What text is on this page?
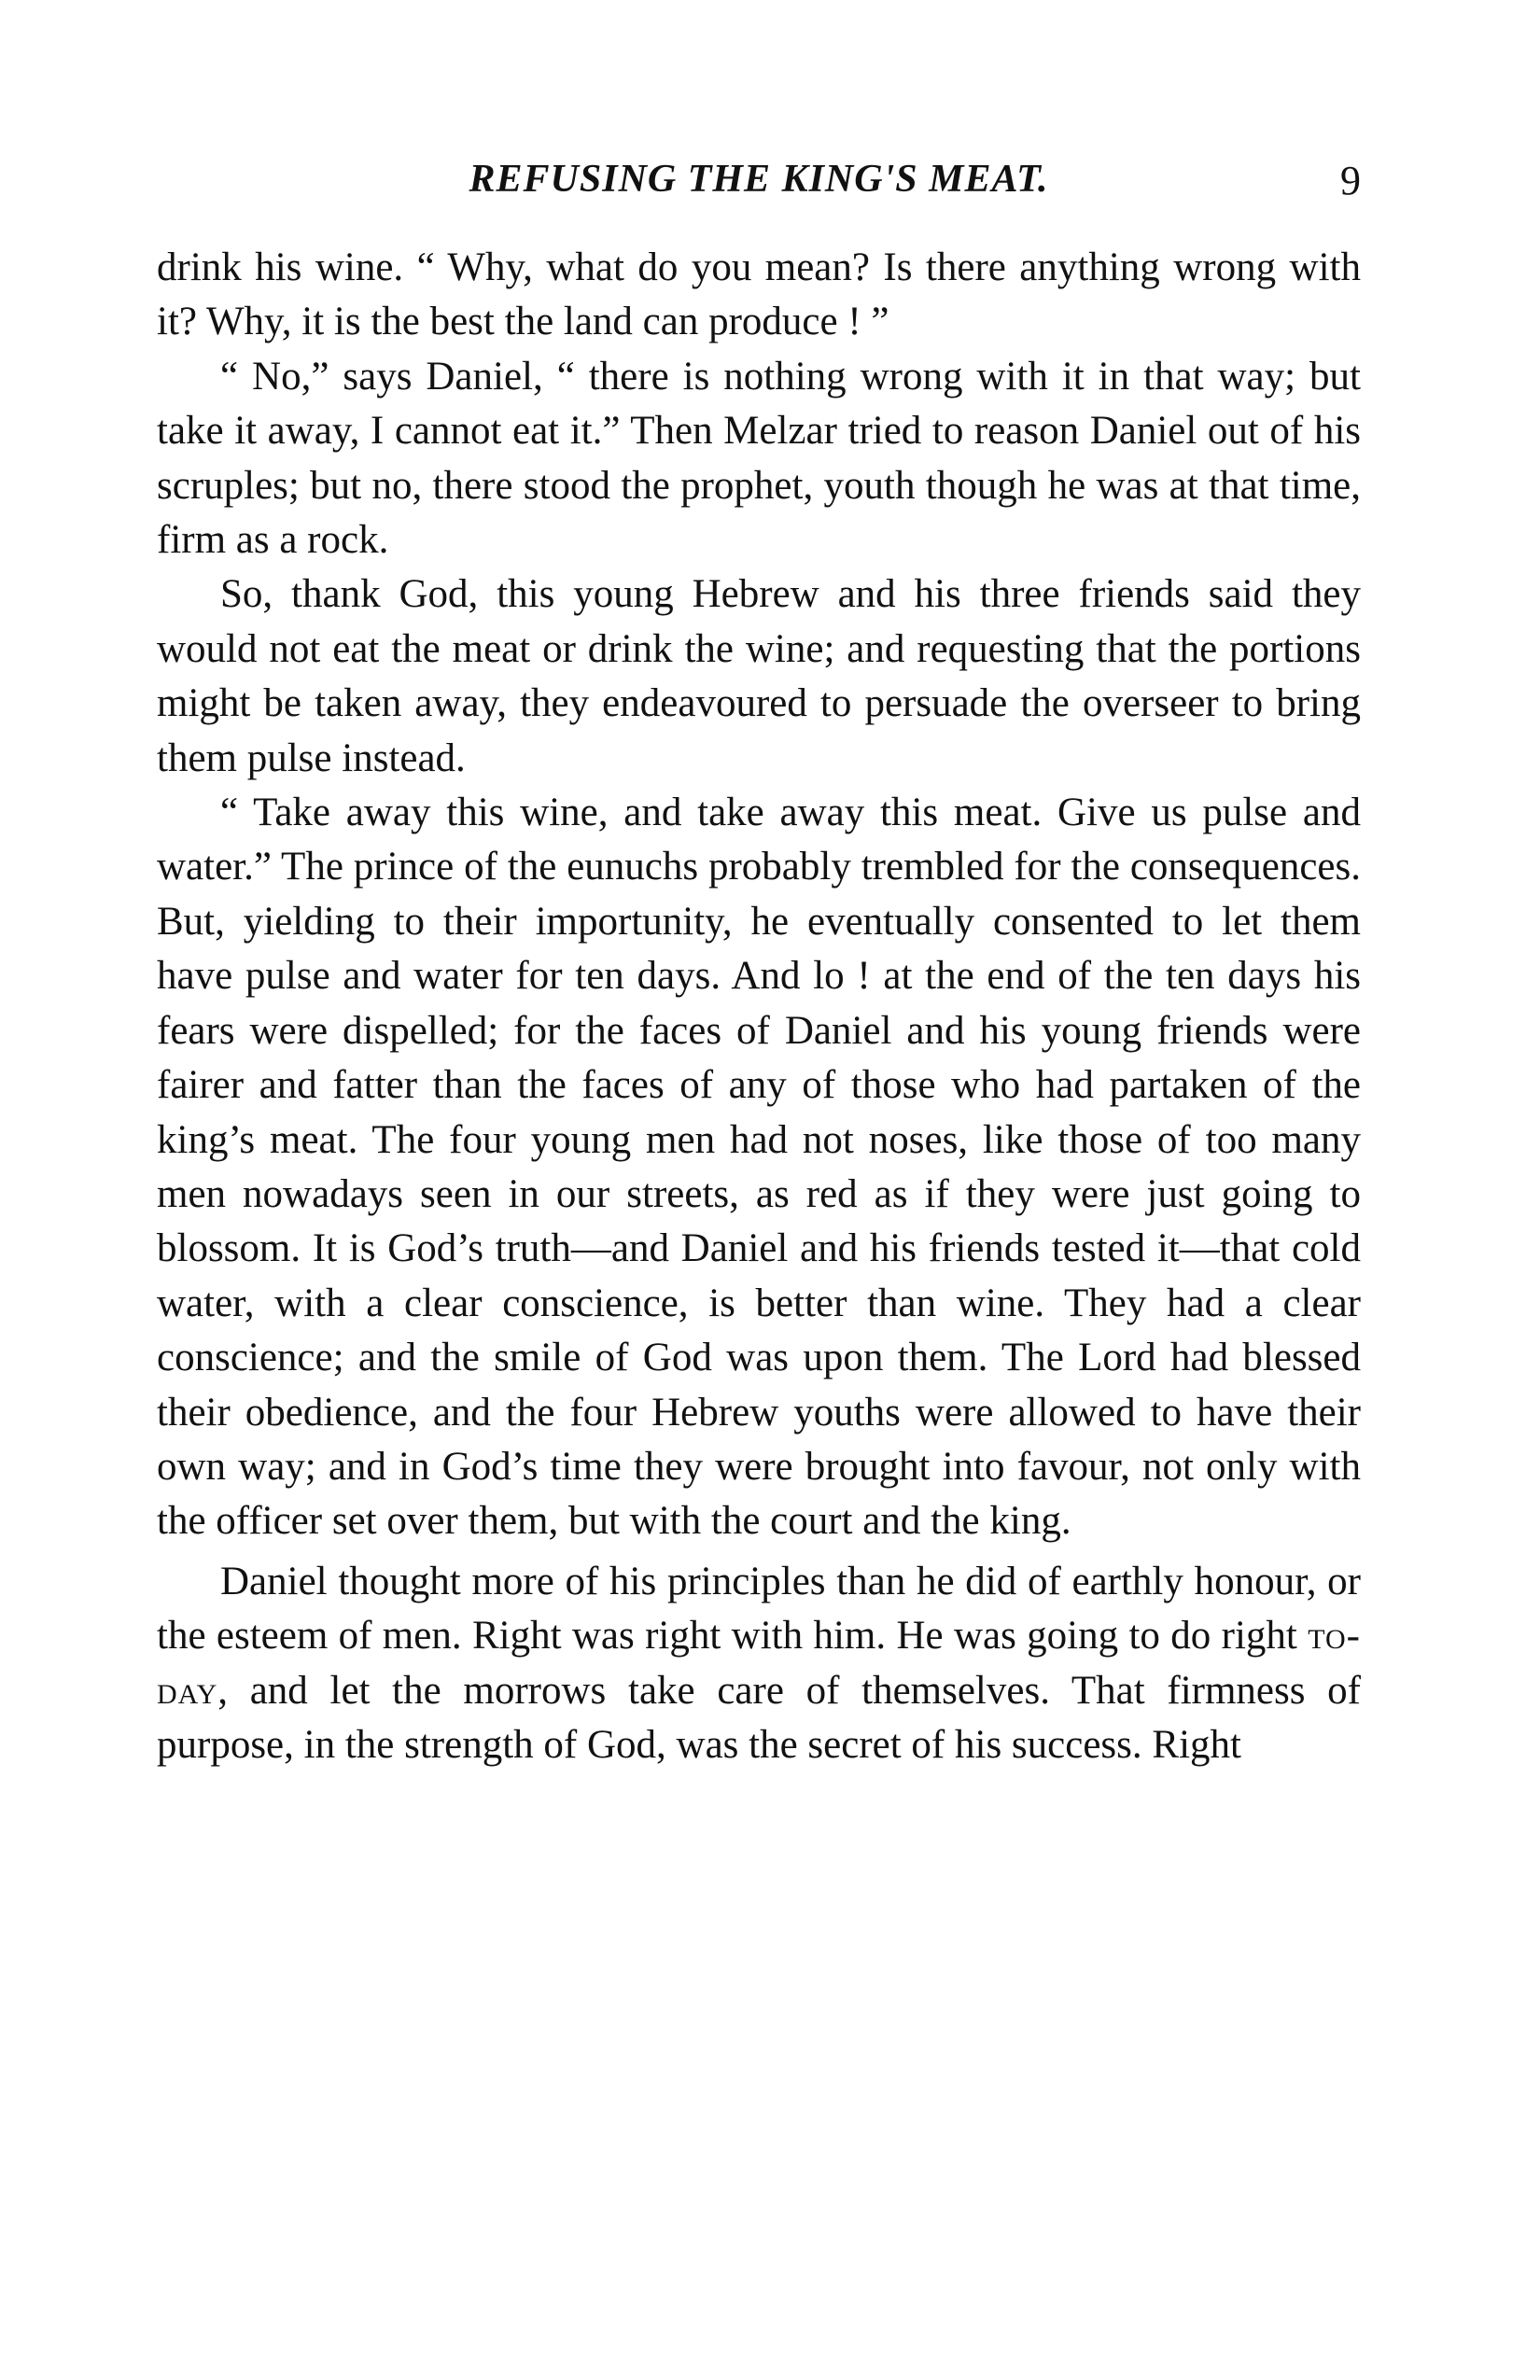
REFUSING THE KING'S MEAT.	9

drink his wine. “ Why, what do you mean? Is there anything wrong with it? Why, it is the best the land can produce ! ”

“ No,” says Daniel, “ there is nothing wrong with it in that way; but take it away, I cannot eat it.” Then Melzar tried to reason Daniel out of his scruples; but no, there stood the prophet, youth though he was at that time, firm as a rock.

So, thank God, this young Hebrew and his three friends said they would not eat the meat or drink the wine; and requesting that the portions might be taken away, they endeavoured to persuade the overseer to bring them pulse instead.

“ Take away this wine, and take away this meat. Give us pulse and water.” The prince of the eunuchs probably trembled for the consequences. But, yielding to their importunity, he eventually consented to let them have pulse and water for ten days. And lo ! at the end of the ten days his fears were dispelled; for the faces of Daniel and his young friends were fairer and fatter than the faces of any of those who had partaken of the king’s meat. The four young men had not noses, like those of too many men nowadays seen in our streets, as red as if they were just going to blossom. It is God’s truth—and Daniel and his friends tested it—that cold water, with a clear conscience, is better than wine. They had a clear conscience; and the smile of God was upon them. The Lord had blessed their obedience, and the four Hebrew youths were allowed to have their own way; and in God’s time they were brought into favour, not only with the officer set over them, but with the court and the king.

Daniel thought more of his principles than he did of earthly honour, or the esteem of men. Right was right with him. He was going to do right to-day, and let the morrows take care of themselves. That firmness of purpose, in the strength of God, was the secret of his success. Right
